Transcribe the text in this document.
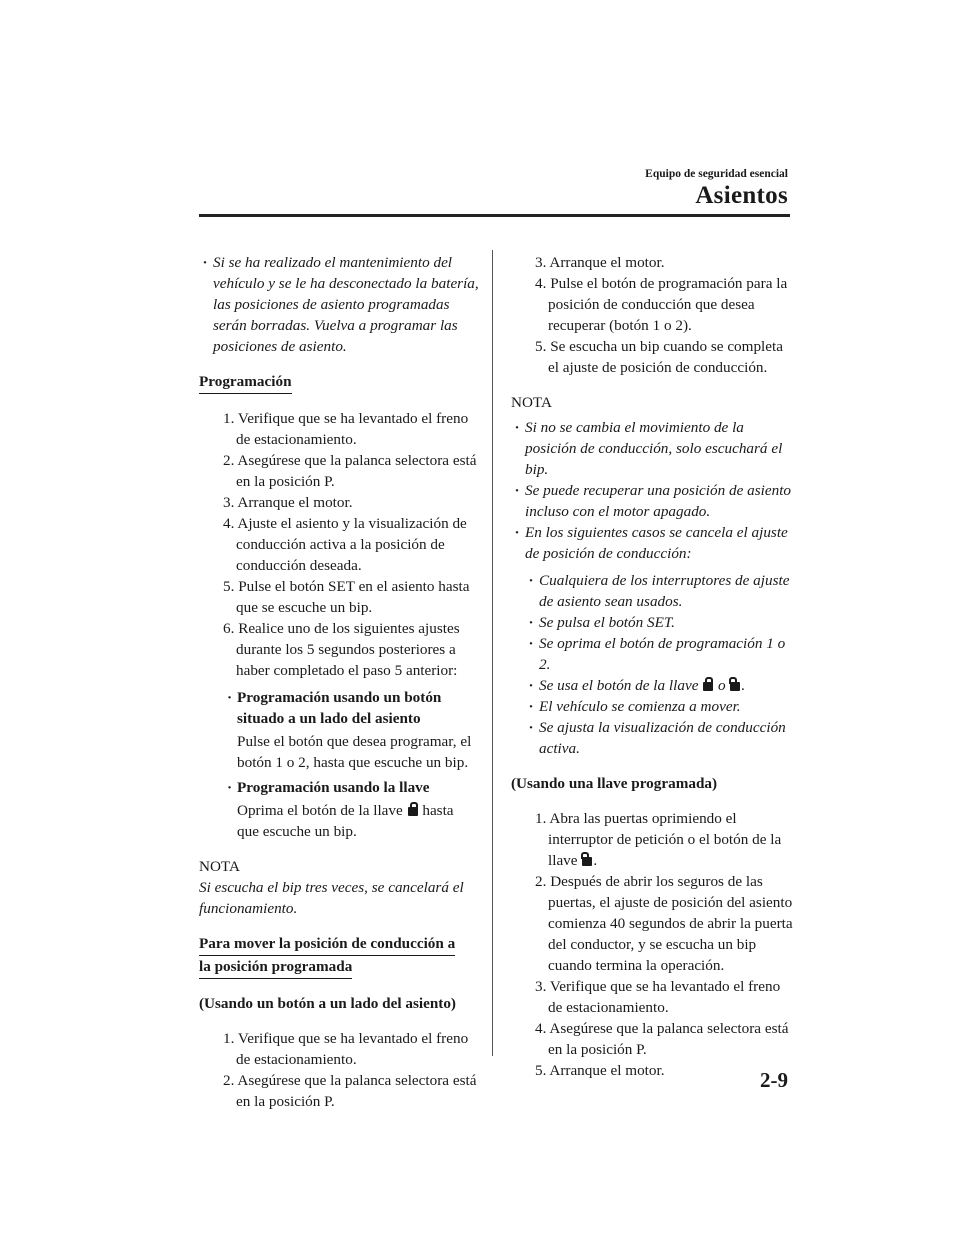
Equipo de seguridad esencial
Asientos
· Si se ha realizado el mantenimiento del vehículo y se le ha desconectado la batería, las posiciones de asiento programadas serán borradas. Vuelva a programar las posiciones de asiento.
Programación
1. Verifique que se ha levantado el freno de estacionamiento.
2. Asegúrese que la palanca selectora está en la posición P.
3. Arranque el motor.
4. Ajuste el asiento y la visualización de conducción activa a la posición de conducción deseada.
5. Pulse el botón SET en el asiento hasta que se escuche un bip.
6. Realice uno de los siguientes ajustes durante los 5 segundos posteriores a haber completado el paso 5 anterior:
· Programación usando un botón situado a un lado del asiento
Pulse el botón que desea programar, el botón 1 o 2, hasta que escuche un bip.
· Programación usando la llave
Oprima el botón de la llave hasta que escuche un bip.
NOTA
Si escucha el bip tres veces, se cancelará el funcionamiento.
Para mover la posición de conducción a
la posición programada
(Usando un botón a un lado del asiento)
1. Verifique que se ha levantado el freno de estacionamiento.
2. Asegúrese que la palanca selectora está en la posición P.
3. Arranque el motor.
4. Pulse el botón de programación para la posición de conducción que desea recuperar (botón 1 o 2).
5. Se escucha un bip cuando se completa el ajuste de posición de conducción.
NOTA
· Si no se cambia el movimiento de la posición de conducción, solo escuchará el bip.
· Se puede recuperar una posición de asiento incluso con el motor apagado.
· En los siguientes casos se cancela el ajuste de posición de conducción:
· Cualquiera de los interruptores de ajuste de asiento sean usados.
· Se pulsa el botón SET.
· Se oprima el botón de programación 1 o 2.
· Se usa el botón de la llave o .
· El vehículo se comienza a mover.
· Se ajusta la visualización de conducción activa.
(Usando una llave programada)
1. Abra las puertas oprimiendo el interruptor de petición o el botón de la llave .
2. Después de abrir los seguros de las puertas, el ajuste de posición del asiento comienza 40 segundos de abrir la puerta del conductor, y se escucha un bip cuando termina la operación.
3. Verifique que se ha levantado el freno de estacionamiento.
4. Asegúrese que la palanca selectora está en la posición P.
5. Arranque el motor.	2-9
